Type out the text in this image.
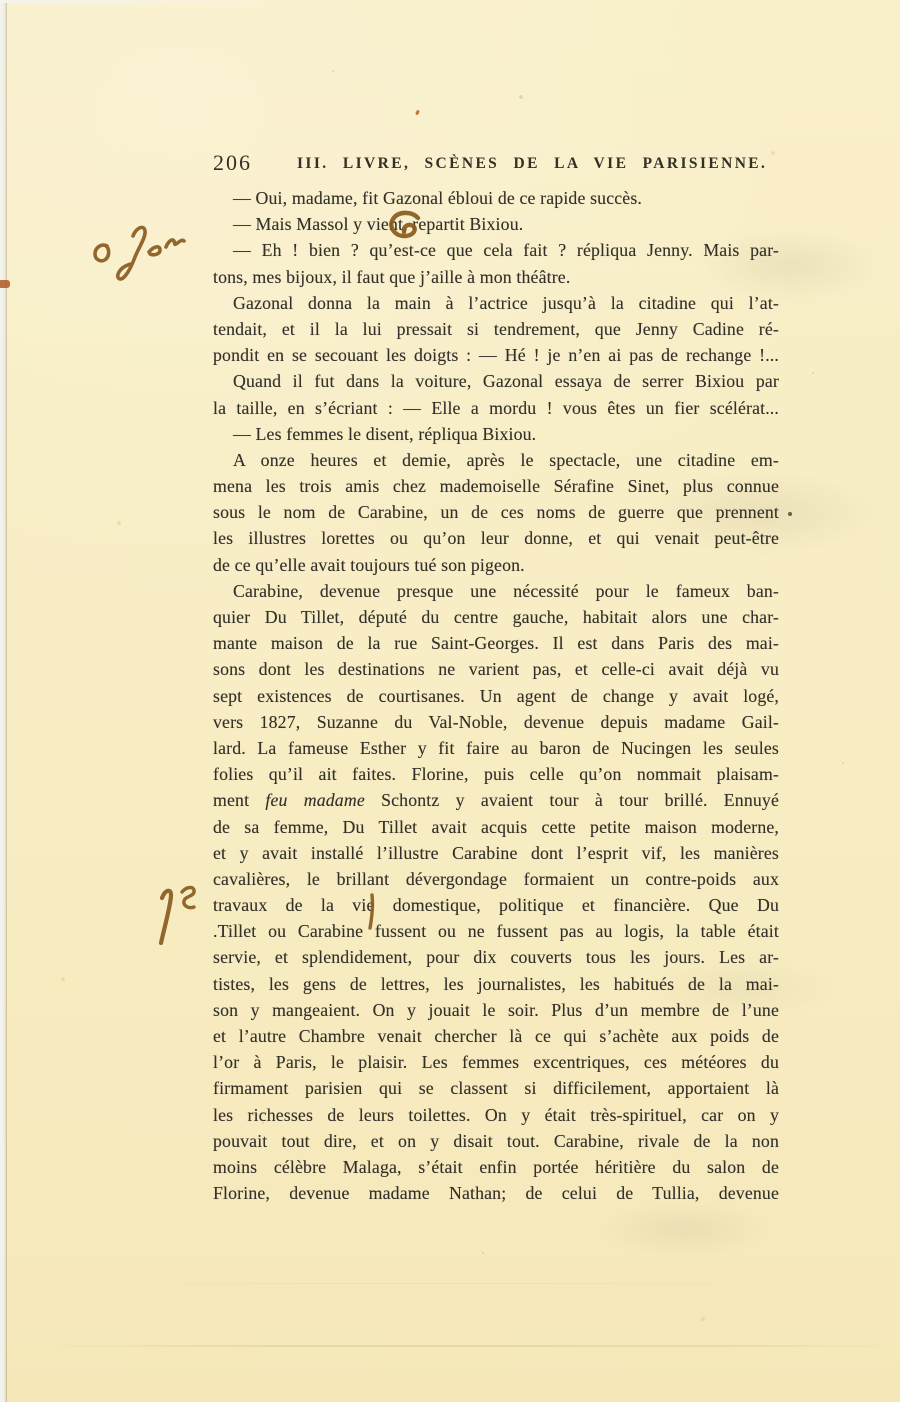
206	III. LIVRE, SCÈNES DE LA VIE PARISIENNE.
— Oui, madame, fit Gazonal ébloui de ce rapide succès.
— Mais Massol y vient, repartit Bixiou.
— Eh ! bien ? qu’est-ce que cela fait ? répliqua Jenny. Mais par-
tons, mes bijoux, il faut que j’aille à mon théâtre.
Gazonal donna la main à l’actrice jusqu’à la citadine qui l’at-
tendait, et il la lui pressait si tendrement, que Jenny Cadine ré-
pondit en se secouant les doigts : — Hé ! je n’en ai pas de rechange !...
Quand il fut dans la voiture, Gazonal essaya de serrer Bixiou par
la taille, en s’écriant : — Elle a mordu ! vous êtes un fier scélérat...
— Les femmes le disent, répliqua Bixiou.
A onze heures et demie, après le spectacle, une citadine em-
mena les trois amis chez mademoiselle Sérafine Sinet, plus connue
sous le nom de Carabine, un de ces noms de guerre que prennent
les illustres lorettes ou qu’on leur donne, et qui venait peut-être
de ce qu’elle avait toujours tué son pigeon.
Carabine, devenue presque une nécessité pour le fameux ban-
quier Du Tillet, député du centre gauche, habitait alors une char-
mante maison de la rue Saint-Georges. Il est dans Paris des mai-
sons dont les destinations ne varient pas, et celle-ci avait déjà vu
sept existences de courtisanes. Un agent de change y avait logé,
vers 1827, Suzanne du Val-Noble, devenue depuis madame Gail-
lard. La fameuse Esther y fit faire au baron de Nucingen les seules
folies qu’il ait faites. Florine, puis celle qu’on nommait plaisam-
ment feu madame Schontz y avaient tour à tour brillé. Ennuyé
de sa femme, Du Tillet avait acquis cette petite maison moderne,
et y avait installé l’illustre Carabine dont l’esprit vif, les manières
cavalières, le brillant dévergondage formaient un contre-poids aux
travaux de la vie domestique, politique et financière. Que Du
.Tillet ou Carabine fussent ou ne fussent pas au logis, la table était
servie, et splendidement, pour dix couverts tous les jours. Les ar-
tistes, les gens de lettres, les journalistes, les habitués de la mai-
son y mangeaient. On y jouait le soir. Plus d’un membre de l’une
et l’autre Chambre venait chercher là ce qui s’achète aux poids de
l’or à Paris, le plaisir. Les femmes excentriques, ces météores du
firmament parisien qui se classent si difficilement, apportaient là
les richesses de leurs toilettes. On y était très-spirituel, car on y
pouvait tout dire, et on y disait tout. Carabine, rivale de la non
moins célèbre Malaga, s’était enfin portée héritière du salon de
Florine, devenue madame Nathan; de celui de Tullia, devenue
